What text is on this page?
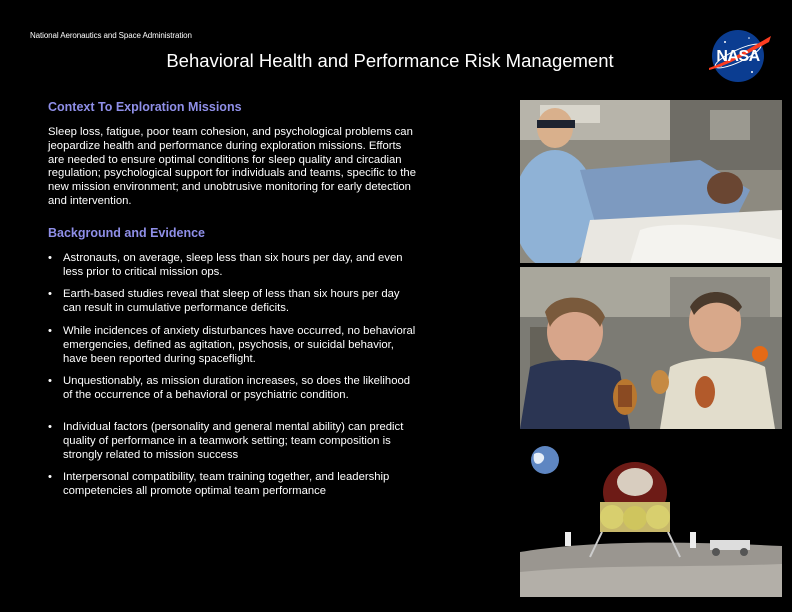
National Aeronautics and Space Administration
Behavioral Health and Performance Risk Management	NASA
Context To Exploration Missions

Sleep loss, fatigue, poor team cohesion, and psychological problems can jeopardize health and performance during exploration missions. Efforts are needed to ensure optimal conditions for sleep quality and circadian regulation; psychological support for individuals and teams, specific to the new mission environment; and unobtrusive monitoring for early detection and intervention.

Background and Evidence
• Astronauts, on average, sleep less than six hours per day, and even less prior to critical mission ops.
• Earth-based studies reveal that sleep of less than six hours per day can result in cumulative performance deficits.
• While incidences of anxiety disturbances have occurred, no behavioral emergencies, defined as agitation, psychosis, or suicidal behavior, have been reported during spaceflight.
• Unquestionably, as mission duration increases, so does the likelihood of the occurrence of a behavioral or psychiatric condition.
• Individual factors (personality and general mental ability) can predict quality of performance in a teamwork setting; team composition is strongly related to mission success
• Interpersonal compatibility, team training together, and leadership competencies all promote optimal team performance
